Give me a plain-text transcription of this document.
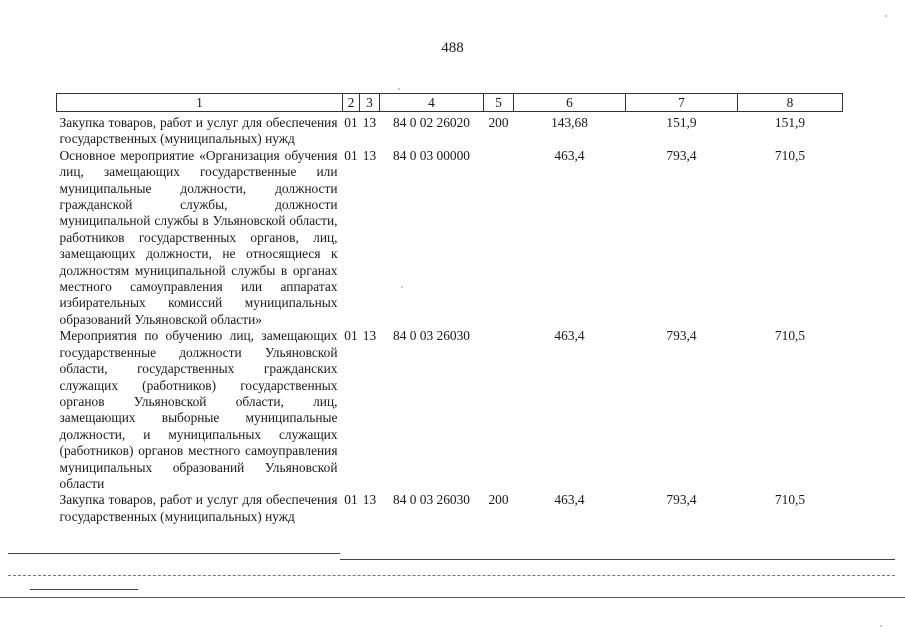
488
1	2	3	4	5	6	7	8
Закупка товаров, работ и услуг для обеспечения государственных (муниципальных) нужд	01	13	84 0 02 26020	200	143,68	151,9	151,9
Основное мероприятие «Организация обучения лиц, замещающих государственные или муниципальные должности, должности гражданской службы, должности муниципальной службы в Ульяновской области, работников государственных органов, лиц, замещающих должности, не относящиеся к должностям муниципальной службы в органах местного самоуправления или аппаратах избирательных комиссий муниципальных образований Ульяновской области»	01	13	84 0 03 00000		463,4	793,4	710,5
Мероприятия по обучению лиц, замещающих государственные должности Ульяновской области, государственных гражданских служащих (работников) государственных органов Ульяновской области, лиц, замещающих выборные муниципальные должности, и муниципальных служащих (работников) органов местного самоуправления муниципальных образований Ульяновской области	01	13	84 0 03 26030		463,4	793,4	710,5
Закупка товаров, работ и услуг для обеспечения государственных (муниципальных) нужд	01	13	84 0 03 26030	200	463,4	793,4	710,5
